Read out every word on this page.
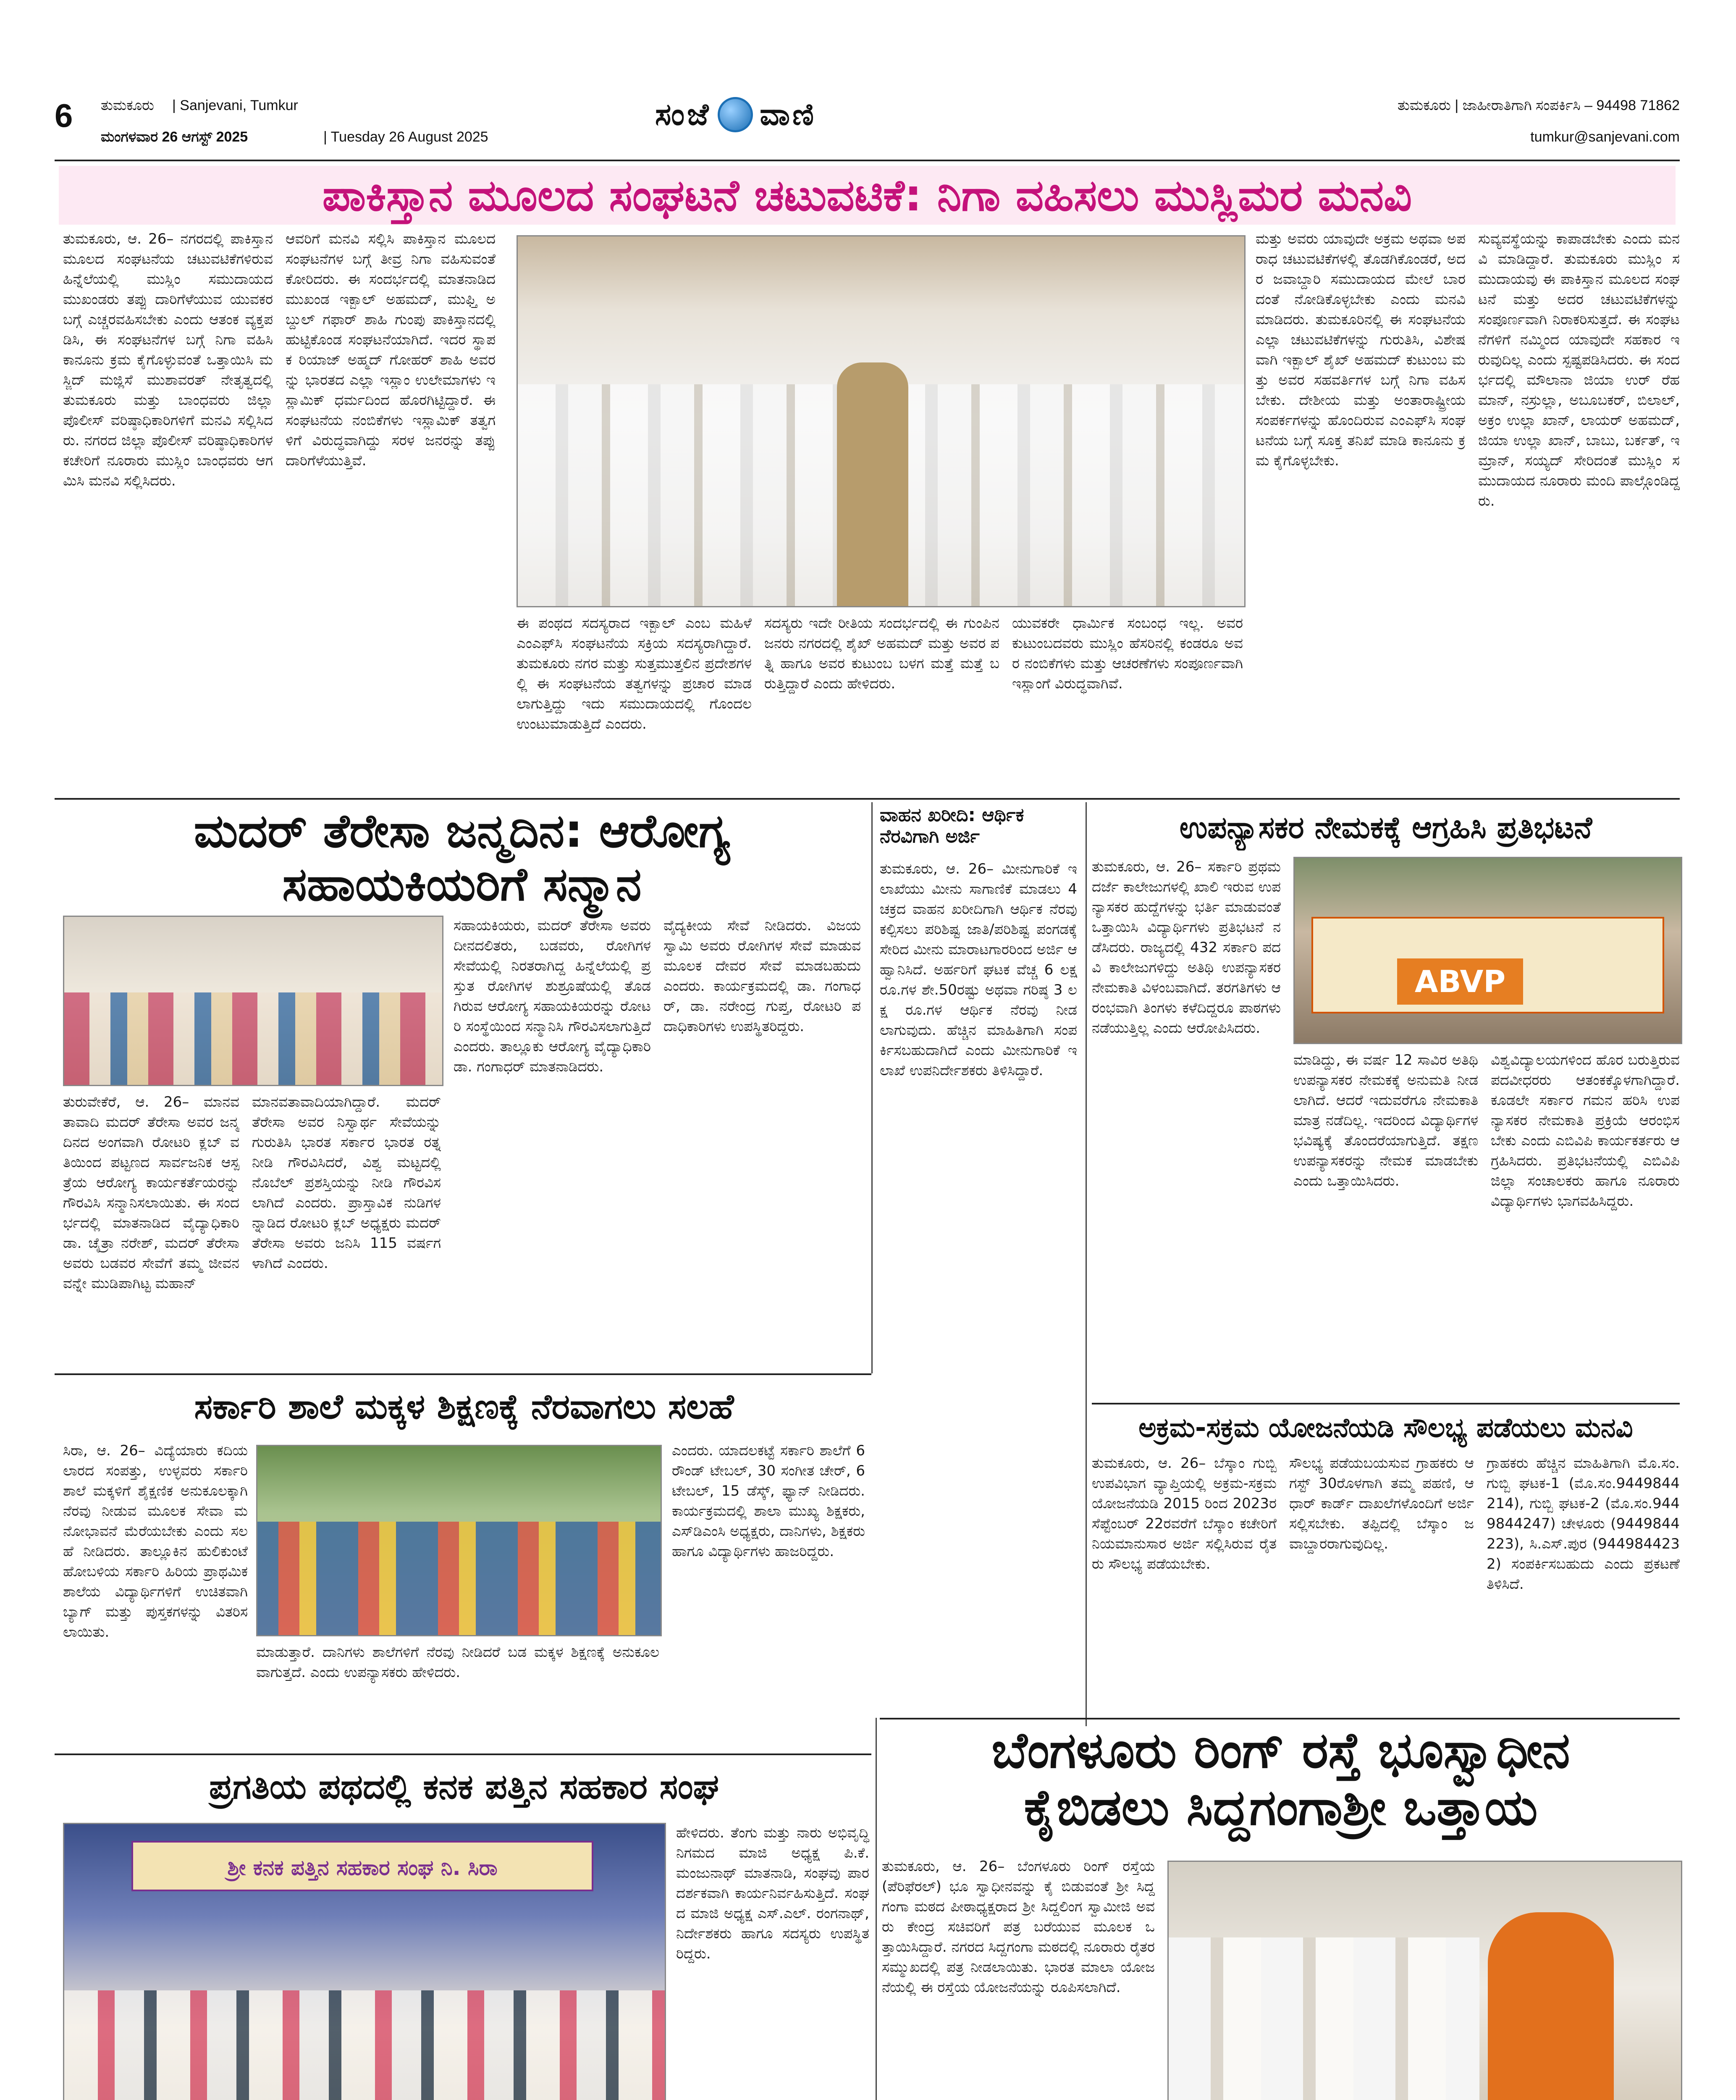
6 ತುಮಕೂರು | Sanjevani, Tumkur
ಮಂಗಳವಾರ 26 ಆಗಸ್ಟ್ 2025	| Tuesday 26 August 2025
ಸಂಜೆ ವಾಣಿ	ತುಮಕೂರು | ಜಾಹೀರಾತಿಗಾಗಿ ಸಂಪರ್ಕಿಸಿ – 94498 71862
tumkur@sanjevani.com
ಪಾಕಿಸ್ತಾನ ಮೂಲದ ಸಂಘಟನೆ ಚಟುವಟಿಕೆ: ನಿಗಾ ವಹಿಸಲು ಮುಸ್ಲಿಮರ ಮನವಿ
ತುಮಕೂರು, ಆ. 26– ನಗರದಲ್ಲಿ ಪಾಕಿಸ್ತಾನ ಮೂಲದ ಸಂಘಟನೆಯ ಚಟುವಟಿಕೆಗಳಿರುವ ಹಿನ್ನೆಲೆಯಲ್ಲಿ ಮುಸ್ಲಿಂ ಸಮುದಾಯದ ಮುಖಂಡರು ತಪ್ಪು ದಾರಿಗೆಳೆಯುವ ಯುವಕರ ಬಗ್ಗೆ ಎಚ್ಚರವಹಿಸಬೇಕು ಎಂದು ಆತಂಕ ವ್ಯಕ್ತಪಡಿಸಿ, ಈ ಸಂಘಟನೆಗಳ ಬಗ್ಗೆ ನಿಗಾ ವಹಿಸಿ ಕಾನೂನು ಕ್ರಮ ಕೈಗೊಳ್ಳುವಂತೆ ಒತ್ತಾಯಿಸಿ ಮಸ್ಜಿದ್ ಮಜ್ಲಿಸೆ ಮುಶಾವರತ್ ನೇತೃತ್ವದಲ್ಲಿ ತುಮಕೂರು ಮತ್ತು ಬಾಂಧವರು ಜಿಲ್ಲಾ ಪೊಲೀಸ್ ವರಿಷ್ಠಾಧಿಕಾರಿಗಳಿಗೆ ಮನವಿ ಸಲ್ಲಿಸಿದರು. ನಗರದ ಜಿಲ್ಲಾ ಪೊಲೀಸ್ ವರಿಷ್ಠಾಧಿಕಾರಿಗಳ ಕಚೇರಿಗೆ ನೂರಾರು ಮುಸ್ಲಿಂ ಬಾಂಧವರು ಆಗಮಿಸಿ ಮನವಿ ಸಲ್ಲಿಸಿದರು.
ಆವರಿಗೆ ಮನವಿ ಸಲ್ಲಿಸಿ ಪಾಕಿಸ್ತಾನ ಮೂಲದ ಸಂಘಟನೆಗಳ ಬಗ್ಗೆ ತೀವ್ರ ನಿಗಾ ವಹಿಸುವಂತೆ ಕೋರಿದರು. ಈ ಸಂದರ್ಭದಲ್ಲಿ ಮಾತನಾಡಿದ ಮುಖಂಡ ಇಕ್ಬಾಲ್ ಅಹಮದ್, ಮುಫ್ತಿ ಅಬ್ದುಲ್ ಗಫಾರ್ ಶಾಹಿ ಗುಂಪು ಪಾಕಿಸ್ತಾನದಲ್ಲಿ ಹುಟ್ಟಿಕೊಂಡ ಸಂಘಟನೆಯಾಗಿದೆ. ಇದರ ಸ್ಥಾಪಕ ರಿಯಾಜ್ ಅಹ್ಮದ್ ಗೋಹರ್ ಶಾಹಿ ಅವರನ್ನು ಭಾರತದ ಎಲ್ಲಾ ಇಸ್ಲಾಂ ಉಲೇಮಾಗಳು ಇಸ್ಲಾಮಿಕ್ ಧರ್ಮದಿಂದ ಹೊರಗಿಟ್ಟಿದ್ದಾರೆ. ಈ ಸಂಘಟನೆಯ ನಂಬಿಕೆಗಳು ಇಸ್ಲಾಮಿಕ್ ತತ್ವಗಳಿಗೆ ವಿರುದ್ಧವಾಗಿದ್ದು ಸರಳ ಜನರನ್ನು ತಪ್ಪು ದಾರಿಗೆಳೆಯುತ್ತಿವೆ.
ಈ ಪಂಥದ ಸದಸ್ಯರಾದ ಇಕ್ಬಾಲ್ ಎಂಬ ಮಹಿಳೆ ಎಂಎಫ್‌ಸಿ ಸಂಘಟನೆಯ ಸಕ್ರಿಯ ಸದಸ್ಯರಾಗಿದ್ದಾರೆ. ತುಮಕೂರು ನಗರ ಮತ್ತು ಸುತ್ತಮುತ್ತಲಿನ ಪ್ರದೇಶಗಳಲ್ಲಿ ಈ ಸಂಘಟನೆಯ ತತ್ವಗಳನ್ನು ಪ್ರಚಾರ ಮಾಡಲಾಗುತ್ತಿದ್ದು ಇದು ಸಮುದಾಯದಲ್ಲಿ ಗೊಂದಲ ಉಂಟುಮಾಡುತ್ತಿದೆ ಎಂದರು.
ಸದಸ್ಯರು ಇದೇ ರೀತಿಯ ಸಂದರ್ಭದಲ್ಲಿ ಈ ಗುಂಪಿನ ಜನರು ನಗರದಲ್ಲಿ ಶೈಖ್ ಅಹಮದ್ ಮತ್ತು ಅವರ ಪತ್ನಿ ಹಾಗೂ ಅವರ ಕುಟುಂಬ ಬಳಗ ಮತ್ತೆ ಮತ್ತೆ ಬರುತ್ತಿದ್ದಾರೆ ಎಂದು ಹೇಳಿದರು.
ಯುವಕರೇ ಧಾರ್ಮಿಕ ಸಂಬಂಧ ಇಲ್ಲ. ಅವರ ಕುಟುಂಬದವರು ಮುಸ್ಲಿಂ ಹೆಸರಿನಲ್ಲಿ ಕಂಡರೂ ಅವರ ನಂಬಿಕೆಗಳು ಮತ್ತು ಆಚರಣೆಗಳು ಸಂಪೂರ್ಣವಾಗಿ ಇಸ್ಲಾಂಗೆ ವಿರುದ್ಧವಾಗಿವೆ.
ಮತ್ತು ಅವರು ಯಾವುದೇ ಅಕ್ರಮ ಅಥವಾ ಅಪರಾಧ ಚಟುವಟಿಕೆಗಳಲ್ಲಿ ತೊಡಗಿಕೊಂಡರೆ, ಅದರ ಜವಾಬ್ದಾರಿ ಸಮುದಾಯದ ಮೇಲೆ ಬಾರದಂತೆ ನೋಡಿಕೊಳ್ಳಬೇಕು ಎಂದು ಮನವಿ ಮಾಡಿದರು. ತುಮಕೂರಿನಲ್ಲಿ ಈ ಸಂಘಟನೆಯ ಎಲ್ಲಾ ಚಟುವಟಿಕೆಗಳನ್ನು ಗುರುತಿಸಿ, ವಿಶೇಷವಾಗಿ ಇಕ್ಬಾಲ್ ಶೈಖ್ ಅಹಮದ್ ಕುಟುಂಬ ಮತ್ತು ಅವರ ಸಹವರ್ತಿಗಳ ಬಗ್ಗೆ ನಿಗಾ ವಹಿಸಬೇಕು. ದೇಶೀಯ ಮತ್ತು ಅಂತಾರಾಷ್ಟ್ರೀಯ ಸಂಪರ್ಕಗಳನ್ನು ಹೊಂದಿರುವ ಎಂಎಫ್‌ಸಿ ಸಂಘಟನೆಯ ಬಗ್ಗೆ ಸೂಕ್ತ ತನಿಖೆ ಮಾಡಿ ಕಾನೂನು ಕ್ರಮ ಕೈಗೊಳ್ಳಬೇಕು.
ಸುವ್ಯವಸ್ಥೆಯನ್ನು ಕಾಪಾಡಬೇಕು ಎಂದು ಮನವಿ ಮಾಡಿದ್ದಾರೆ. ತುಮಕೂರು ಮುಸ್ಲಿಂ ಸಮುದಾಯವು ಈ ಪಾಕಿಸ್ತಾನ ಮೂಲದ ಸಂಘಟನೆ ಮತ್ತು ಅದರ ಚಟುವಟಿಕೆಗಳನ್ನು ಸಂಪೂರ್ಣವಾಗಿ ನಿರಾಕರಿಸುತ್ತದೆ. ಈ ಸಂಘಟನೆಗಳಿಗೆ ನಮ್ಮಿಂದ ಯಾವುದೇ ಸಹಕಾರ ಇರುವುದಿಲ್ಲ ಎಂದು ಸ್ಪಷ್ಟಪಡಿಸಿದರು. ಈ ಸಂದರ್ಭದಲ್ಲಿ ಮೌಲಾನಾ ಜಿಯಾ ಉರ್ ರೆಹಮಾನ್, ನಸ್ರುಲ್ಲಾ, ಅಬೂಬಕರ್, ಬಿಲಾಲ್, ಅಕ್ರಂ ಉಲ್ಲಾ ಖಾನ್, ಲಾಯರ್ ಅಹಮದ್, ಜಿಯಾ ಉಲ್ಲಾ ಖಾನ್, ಬಾಬು, ಬರ್ಕತ್, ಇಮ್ರಾನ್, ಸಯ್ಯದ್ ಸೇರಿದಂತೆ ಮುಸ್ಲಿಂ ಸಮುದಾಯದ ನೂರಾರು ಮಂದಿ ಪಾಲ್ಗೊಂಡಿದ್ದರು.
ಮದರ್ ತೆರೇಸಾ ಜನ್ಮದಿನ: ಆರೋಗ್ಯ
ಸಹಾಯಕಿಯರಿಗೆ ಸನ್ಮಾನ
ತುರುವೇಕೆರೆ, ಆ. 26– ಮಾನವತಾವಾದಿ ಮದರ್ ತೆರೇಸಾ ಅವರ ಜನ್ಮದಿನದ ಅಂಗವಾಗಿ ರೋಟರಿ ಕ್ಲಬ್ ವತಿಯಿಂದ ಪಟ್ಟಣದ ಸಾರ್ವಜನಿಕ ಆಸ್ಪತ್ರೆಯ ಆರೋಗ್ಯ ಕಾರ್ಯಕರ್ತೆಯರನ್ನು ಗೌರವಿಸಿ ಸನ್ಮಾನಿಸಲಾಯಿತು. ಈ ಸಂದರ್ಭದಲ್ಲಿ ಮಾತನಾಡಿದ ವೈದ್ಯಾಧಿಕಾರಿ ಡಾ. ಚೈತ್ರಾ ನರೇಶ್, ಮದರ್ ತೆರೇಸಾ ಅವರು ಬಡವರ ಸೇವೆಗೆ ತಮ್ಮ ಜೀವನವನ್ನೇ ಮುಡಿಪಾಗಿಟ್ಟ ಮಹಾನ್
ಮಾನವತಾವಾದಿಯಾಗಿದ್ದಾರೆ. ಮದರ್ ತೆರೇಸಾ ಅವರ ನಿಸ್ವಾರ್ಥ ಸೇವೆಯನ್ನು ಗುರುತಿಸಿ ಭಾರತ ಸರ್ಕಾರ ಭಾರತ ರತ್ನ ನೀಡಿ ಗೌರವಿಸಿದರೆ, ವಿಶ್ವ ಮಟ್ಟದಲ್ಲಿ ನೊಬೆಲ್ ಪ್ರಶಸ್ತಿಯನ್ನು ನೀಡಿ ಗೌರವಿಸಲಾಗಿದೆ ಎಂದರು. ಪ್ರಾಸ್ತಾವಿಕ ನುಡಿಗಳನ್ನಾಡಿದ ರೋಟರಿ ಕ್ಲಬ್ ಅಧ್ಯಕ್ಷರು ಮದರ್ ತೆರೇಸಾ ಅವರು ಜನಿಸಿ 115 ವರ್ಷಗಳಾಗಿದೆ ಎಂದರು.
ಸಹಾಯಕಿಯರು, ಮದರ್ ತೆರೇಸಾ ಅವರು ದೀನದಲಿತರು, ಬಡವರು, ರೋಗಿಗಳ ಸೇವೆಯಲ್ಲಿ ನಿರತರಾಗಿದ್ದ ಹಿನ್ನೆಲೆಯಲ್ಲಿ ಪ್ರಸ್ತುತ ರೋಗಿಗಳ ಶುಶ್ರೂಷೆಯಲ್ಲಿ ತೊಡಗಿರುವ ಆರೋಗ್ಯ ಸಹಾಯಕಿಯರನ್ನು ರೋಟರಿ ಸಂಸ್ಥೆಯಿಂದ ಸನ್ಮಾನಿಸಿ ಗೌರವಿಸಲಾಗುತ್ತಿದೆ ಎಂದರು. ತಾಲ್ಲೂಕು ಆರೋಗ್ಯ ವೈದ್ಯಾಧಿಕಾರಿ ಡಾ. ಗಂಗಾಧರ್ ಮಾತನಾಡಿದರು.
ವೈದ್ಯಕೀಯ ಸೇವೆ ನೀಡಿದರು. ವಿಜಯ ಸ್ವಾಮಿ ಅವರು ರೋಗಿಗಳ ಸೇವೆ ಮಾಡುವ ಮೂಲಕ ದೇವರ ಸೇವೆ ಮಾಡಬಹುದು ಎಂದರು. ಕಾರ್ಯಕ್ರಮದಲ್ಲಿ ಡಾ. ಗಂಗಾಧರ್, ಡಾ. ನರೇಂದ್ರ ಗುಪ್ತ, ರೋಟರಿ ಪದಾಧಿಕಾರಿಗಳು ಉಪಸ್ಥಿತರಿದ್ದರು.
ವಾಹನ ಖರೀದಿ: ಆರ್ಥಿಕ ನೆರವಿಗಾಗಿ ಅರ್ಜಿ
ತುಮಕೂರು, ಆ. 26– ಮೀನುಗಾರಿಕೆ ಇಲಾಖೆಯು ಮೀನು ಸಾಗಾಣಿಕೆ ಮಾಡಲು 4 ಚಕ್ರದ ವಾಹನ ಖರೀದಿಗಾಗಿ ಆರ್ಥಿಕ ನೆರವು ಕಲ್ಪಿಸಲು ಪರಿಶಿಷ್ಟ ಜಾತಿ/ಪರಿಶಿಷ್ಟ ಪಂಗಡಕ್ಕೆ ಸೇರಿದ ಮೀನು ಮಾರಾಟಗಾರರಿಂದ ಅರ್ಜಿ ಆಹ್ವಾನಿಸಿದೆ. ಅರ್ಹರಿಗೆ ಘಟಕ ವೆಚ್ಚ 6 ಲಕ್ಷ ರೂ.ಗಳ ಶೇ.50ರಷ್ಟು ಅಥವಾ ಗರಿಷ್ಠ 3 ಲಕ್ಷ ರೂ.ಗಳ ಆರ್ಥಿಕ ನೆರವು ನೀಡಲಾಗುವುದು. ಹೆಚ್ಚಿನ ಮಾಹಿತಿಗಾಗಿ ಸಂಪರ್ಕಿಸಬಹುದಾಗಿದೆ ಎಂದು ಮೀನುಗಾರಿಕೆ ಇಲಾಖೆ ಉಪನಿರ್ದೇಶಕರು ತಿಳಿಸಿದ್ದಾರೆ.
ಉಪನ್ಯಾಸಕರ ನೇಮಕಕ್ಕೆ ಆಗ್ರಹಿಸಿ ಪ್ರತಿಭಟನೆ
ತುಮಕೂರು, ಆ. 26– ಸರ್ಕಾರಿ ಪ್ರಥಮ ದರ್ಜೆ ಕಾಲೇಜುಗಳಲ್ಲಿ ಖಾಲಿ ಇರುವ ಉಪನ್ಯಾಸಕರ ಹುದ್ದೆಗಳನ್ನು ಭರ್ತಿ ಮಾಡುವಂತೆ ಒತ್ತಾಯಿಸಿ ವಿದ್ಯಾರ್ಥಿಗಳು ಪ್ರತಿಭಟನೆ ನಡೆಸಿದರು. ರಾಜ್ಯದಲ್ಲಿ 432 ಸರ್ಕಾರಿ ಪದವಿ ಕಾಲೇಜುಗಳಿದ್ದು ಅತಿಥಿ ಉಪನ್ಯಾಸಕರ ನೇಮಕಾತಿ ವಿಳಂಬವಾಗಿದೆ. ತರಗತಿಗಳು ಆರಂಭವಾಗಿ ತಿಂಗಳು ಕಳೆದಿದ್ದರೂ ಪಾಠಗಳು ನಡೆಯುತ್ತಿಲ್ಲ ಎಂದು ಆರೋಪಿಸಿದರು.
ABVP
ಮಾಡಿದ್ದು, ಈ ವರ್ಷ 12 ಸಾವಿರ ಅತಿಥಿ ಉಪನ್ಯಾಸಕರ ನೇಮಕಕ್ಕೆ ಅನುಮತಿ ನೀಡಲಾಗಿದೆ. ಆದರೆ ಇದುವರೆಗೂ ನೇಮಕಾತಿ ಮಾತ್ರ ನಡೆದಿಲ್ಲ. ಇದರಿಂದ ವಿದ್ಯಾರ್ಥಿಗಳ ಭವಿಷ್ಯಕ್ಕೆ ತೊಂದರೆಯಾಗುತ್ತಿದೆ. ತಕ್ಷಣ ಉಪನ್ಯಾಸಕರನ್ನು ನೇಮಕ ಮಾಡಬೇಕು ಎಂದು ಒತ್ತಾಯಿಸಿದರು.
ವಿಶ್ವವಿದ್ಯಾಲಯಗಳಿಂದ ಹೊರ ಬರುತ್ತಿರುವ ಪದವೀಧರರು ಆತಂಕಕ್ಕೊಳಗಾಗಿದ್ದಾರೆ. ಕೂಡಲೇ ಸರ್ಕಾರ ಗಮನ ಹರಿಸಿ ಉಪನ್ಯಾಸಕರ ನೇಮಕಾತಿ ಪ್ರಕ್ರಿಯೆ ಆರಂಭಿಸಬೇಕು ಎಂದು ಎಬಿವಿಪಿ ಕಾರ್ಯಕರ್ತರು ಆಗ್ರಹಿಸಿದರು. ಪ್ರತಿಭಟನೆಯಲ್ಲಿ ಎಬಿವಿಪಿ ಜಿಲ್ಲಾ ಸಂಚಾಲಕರು ಹಾಗೂ ನೂರಾರು ವಿದ್ಯಾರ್ಥಿಗಳು ಭಾಗವಹಿಸಿದ್ದರು.
ಅಕ್ರಮ-ಸಕ್ರಮ ಯೋಜನೆಯಡಿ ಸೌಲಭ್ಯ ಪಡೆಯಲು ಮನವಿ
ತುಮಕೂರು, ಆ. 26– ಬೆಸ್ಕಾಂ ಗುಬ್ಬಿ ಉಪವಿಭಾಗ ವ್ಯಾಪ್ತಿಯಲ್ಲಿ ಅಕ್ರಮ-ಸಕ್ರಮ ಯೋಜನೆಯಡಿ 2015 ರಿಂದ 2023ರ ಸೆಪ್ಟೆಂಬರ್ 22ರವರೆಗೆ ಬೆಸ್ಕಾಂ ಕಚೇರಿಗೆ ನಿಯಮಾನುಸಾರ ಅರ್ಜಿ ಸಲ್ಲಿಸಿರುವ ರೈತರು ಸೌಲಭ್ಯ ಪಡೆಯಬೇಕು.
ಸೌಲಭ್ಯ ಪಡೆಯಬಯಸುವ ಗ್ರಾಹಕರು ಆಗಸ್ಟ್ 30ರೊಳಗಾಗಿ ತಮ್ಮ ಪಹಣಿ, ಆಧಾರ್ ಕಾರ್ಡ್ ದಾಖಲೆಗಳೊಂದಿಗೆ ಅರ್ಜಿ ಸಲ್ಲಿಸಬೇಕು. ತಪ್ಪಿದಲ್ಲಿ ಬೆಸ್ಕಾಂ ಜವಾಬ್ದಾರರಾಗುವುದಿಲ್ಲ.
ಗ್ರಾಹಕರು ಹೆಚ್ಚಿನ ಮಾಹಿತಿಗಾಗಿ ಮೊ.ಸಂ. ಗುಬ್ಬಿ ಘಟಕ-1 (ಮೊ.ಸಂ.9449844214), ಗುಬ್ಬಿ ಘಟಕ-2 (ಮೊ.ಸಂ.9449844247) ಚೇಳೂರು (9449844223), ಸಿ.ಎಸ್.ಪುರ (9449844232) ಸಂಪರ್ಕಿಸಬಹುದು ಎಂದು ಪ್ರಕಟಣೆ ತಿಳಿಸಿದೆ.
ಸರ್ಕಾರಿ ಶಾಲೆ ಮಕ್ಕಳ ಶಿಕ್ಷಣಕ್ಕೆ ನೆರವಾಗಲು ಸಲಹೆ
ಸಿರಾ, ಆ. 26– ವಿದ್ಯೆಯಾರು ಕದಿಯಲಾರದ ಸಂಪತ್ತು, ಉಳ್ಳವರು ಸರ್ಕಾರಿ ಶಾಲೆ ಮಕ್ಕಳಿಗೆ ಶೈಕ್ಷಣಿಕ ಅನುಕೂಲಕ್ಕಾಗಿ ನೆರವು ನೀಡುವ ಮೂಲಕ ಸೇವಾ ಮನೋಭಾವನೆ ಮೆರೆಯಬೇಕು ಎಂದು ಸಲಹೆ ನೀಡಿದರು. ತಾಲ್ಲೂಕಿನ ಹುಲಿಕುಂಟೆ ಹೋಬಳಿಯ ಸರ್ಕಾರಿ ಹಿರಿಯ ಪ್ರಾಥಮಿಕ ಶಾಲೆಯ ವಿದ್ಯಾರ್ಥಿಗಳಿಗೆ ಉಚಿತವಾಗಿ ಬ್ಯಾಗ್ ಮತ್ತು ಪುಸ್ತಕಗಳನ್ನು ವಿತರಿಸಲಾಯಿತು.
ಮಾಡುತ್ತಾರೆ. ದಾನಿಗಳು ಶಾಲೆಗಳಿಗೆ ನೆರವು ನೀಡಿದರೆ ಬಡ ಮಕ್ಕಳ ಶಿಕ್ಷಣಕ್ಕೆ ಅನುಕೂಲವಾಗುತ್ತದೆ. ಎಂದು ಉಪನ್ಯಾಸಕರು ಹೇಳಿದರು.
ಎಂದರು. ಯಾದಲಕಟ್ಟೆ ಸರ್ಕಾರಿ ಶಾಲೆಗೆ 6 ರೌಂಡ್ ಟೇಬಲ್, 30 ಸಂಗೀತ ಚೇರ್, 6 ಟೇಬಲ್, 15 ಡೆಸ್ಕ್, ಫ್ಯಾನ್ ನೀಡಿದರು. ಕಾರ್ಯಕ್ರಮದಲ್ಲಿ ಶಾಲಾ ಮುಖ್ಯ ಶಿಕ್ಷಕರು, ಎಸ್‌ಡಿಎಂಸಿ ಅಧ್ಯಕ್ಷರು, ದಾನಿಗಳು, ಶಿಕ್ಷಕರು ಹಾಗೂ ವಿದ್ಯಾರ್ಥಿಗಳು ಹಾಜರಿದ್ದರು.
ಬೆಂಗಳೂರು ರಿಂಗ್ ರಸ್ತೆ ಭೂಸ್ವಾಧೀನ
ಕೈಬಿಡಲು ಸಿದ್ದಗಂಗಾಶ್ರೀ ಒತ್ತಾಯ
ತುಮಕೂರು, ಆ. 26– ಬೆಂಗಳೂರು ರಿಂಗ್ ರಸ್ತೆಯ (ಪೆರಿಫೆರಲ್) ಭೂ ಸ್ವಾಧೀನವನ್ನು ಕೈ ಬಿಡುವಂತೆ ಶ್ರೀ ಸಿದ್ದಗಂಗಾ ಮಠದ ಪೀಠಾಧ್ಯಕ್ಷರಾದ ಶ್ರೀ ಸಿದ್ದಲಿಂಗ ಸ್ವಾಮೀಜಿ ಅವರು ಕೇಂದ್ರ ಸಚಿವರಿಗೆ ಪತ್ರ ಬರೆಯುವ ಮೂಲಕ ಒತ್ತಾಯಿಸಿದ್ದಾರೆ. ನಗರದ ಸಿದ್ದಗಂಗಾ ಮಠದಲ್ಲಿ ನೂರಾರು ರೈತರ ಸಮ್ಮುಖದಲ್ಲಿ ಪತ್ರ ನೀಡಲಾಯಿತು. ಭಾರತ ಮಾಲಾ ಯೋಜನೆಯಲ್ಲಿ ಈ ರಸ್ತೆಯ ಯೋಜನೆಯನ್ನು ರೂಪಿಸಲಾಗಿದೆ.
ಪ್ರಗತಿಯ ಪಥದಲ್ಲಿ ಕನಕ ಪತ್ತಿನ ಸಹಕಾರ ಸಂಘ
ಶ್ರೀ ಕನಕ ಪತ್ತಿನ ಸಹಕಾರ ಸಂಘ ನಿ. ಸಿರಾ
ಹೇಳಿದರು. ತೆಂಗು ಮತ್ತು ನಾರು ಅಭಿವೃದ್ಧಿ ನಿಗಮದ ಮಾಜಿ ಅಧ್ಯಕ್ಷ ಪಿ.ಕೆ. ಮಂಜುನಾಥ್ ಮಾತನಾಡಿ, ಸಂಘವು ಪಾರದರ್ಶಕವಾಗಿ ಕಾರ್ಯನಿರ್ವಹಿಸುತ್ತಿದೆ. ಸಂಘದ ಮಾಜಿ ಅಧ್ಯಕ್ಷ ಎಸ್.ಎಲ್. ರಂಗನಾಥ್, ನಿರ್ದೇಶಕರು ಹಾಗೂ ಸದಸ್ಯರು ಉಪಸ್ಥಿತರಿದ್ದರು.
